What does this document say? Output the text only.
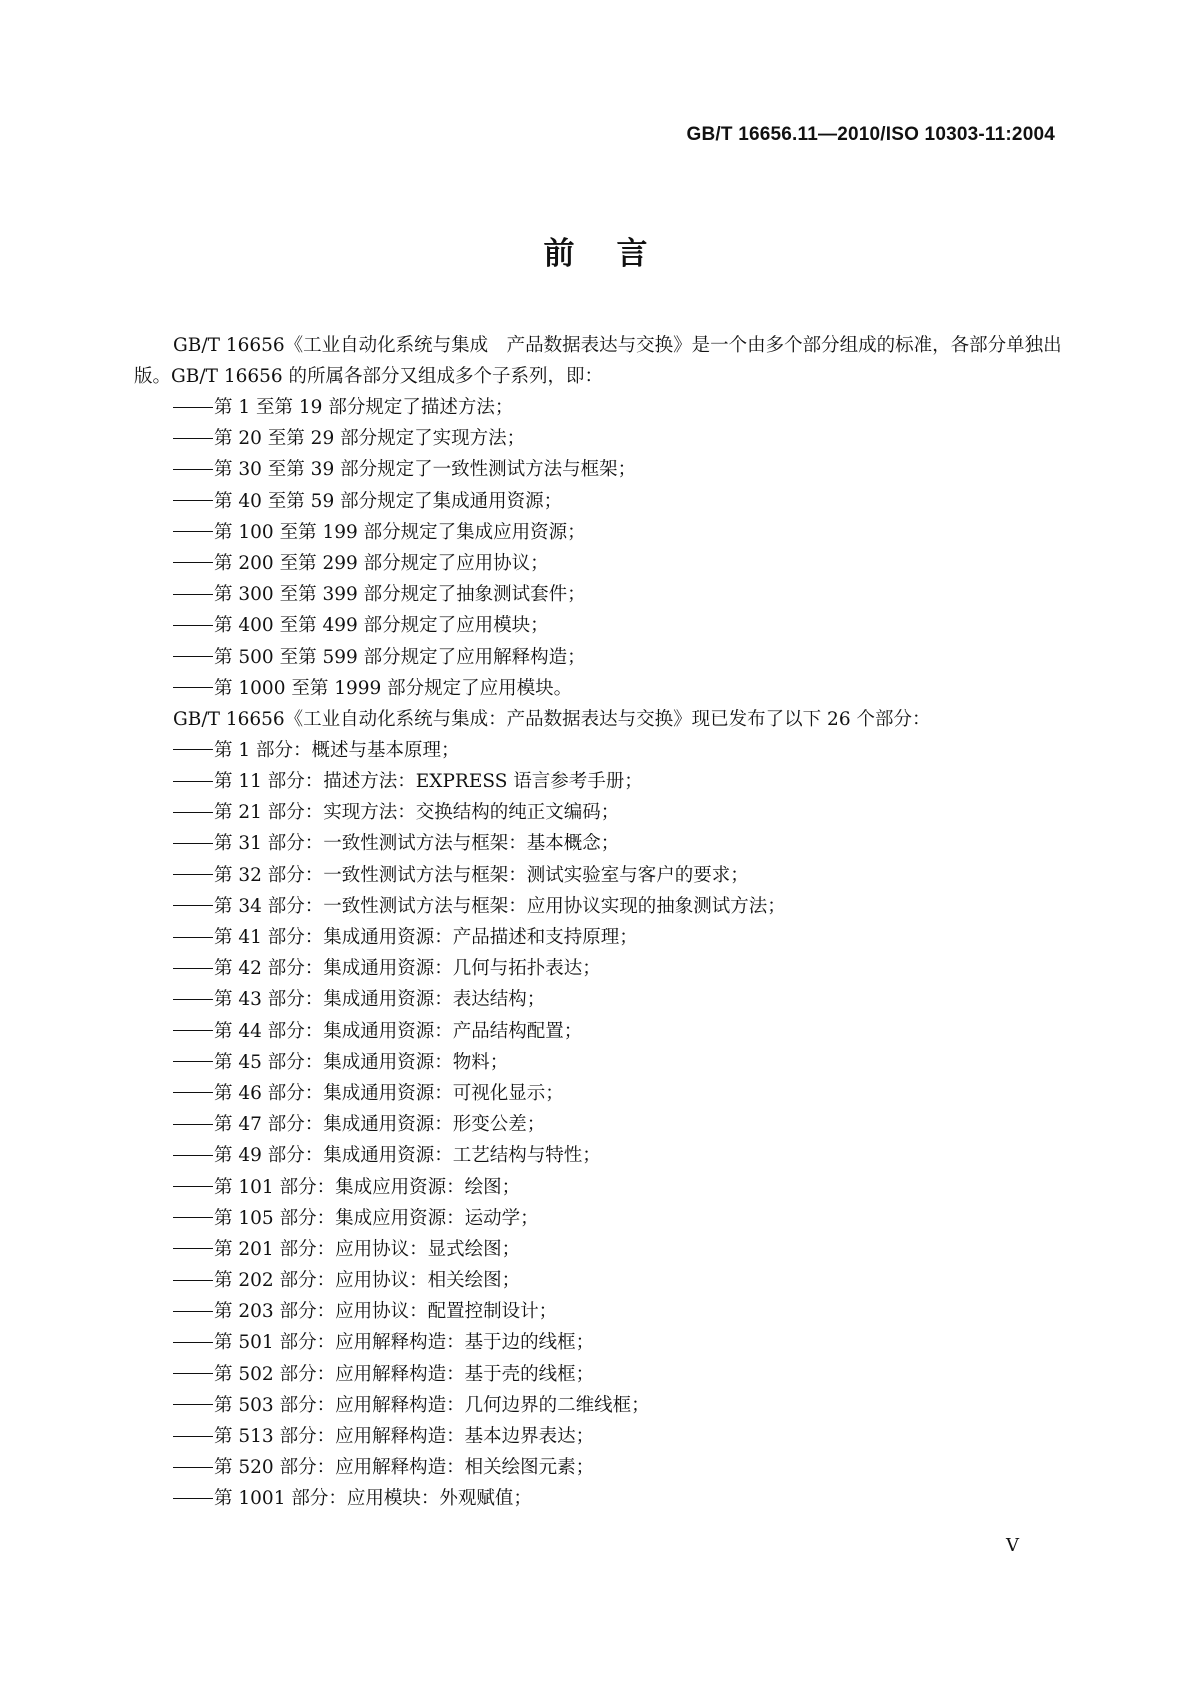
GB/T 16656.11—2010/ISO 10303-11:2004
前言

GB/T 16656《工业自动化系统与集成　产品数据表达与交换》是一个由多个部分组成的标准，各部分单独出版。GB/T 16656 的所属各部分又组成多个子系列，即：

第 1 至第 19 部分规定了描述方法；
第 20 至第 29 部分规定了实现方法；
第 30 至第 39 部分规定了一致性测试方法与框架；
第 40 至第 59 部分规定了集成通用资源；
第 100 至第 199 部分规定了集成应用资源；
第 200 至第 299 部分规定了应用协议；
第 300 至第 399 部分规定了抽象测试套件；
第 400 至第 499 部分规定了应用模块；
第 500 至第 599 部分规定了应用解释构造；
第 1000 至第 1999 部分规定了应用模块。

GB/T 16656《工业自动化系统与集成：产品数据表达与交换》现已发布了以下 26 个部分：

第 1 部分：概述与基本原理；
第 11 部分：描述方法：EXPRESS 语言参考手册；
第 21 部分：实现方法：交换结构的纯正文编码；
第 31 部分：一致性测试方法与框架：基本概念；
第 32 部分：一致性测试方法与框架：测试实验室与客户的要求；
第 34 部分：一致性测试方法与框架：应用协议实现的抽象测试方法；
第 41 部分：集成通用资源：产品描述和支持原理；
第 42 部分：集成通用资源：几何与拓扑表达；
第 43 部分：集成通用资源：表达结构；
第 44 部分：集成通用资源：产品结构配置；
第 45 部分：集成通用资源：物料；
第 46 部分：集成通用资源：可视化显示；
第 47 部分：集成通用资源：形变公差；
第 49 部分：集成通用资源：工艺结构与特性；
第 101 部分：集成应用资源：绘图；
第 105 部分：集成应用资源：运动学；
第 201 部分：应用协议：显式绘图；
第 202 部分：应用协议：相关绘图；
第 203 部分：应用协议：配置控制设计；
第 501 部分：应用解释构造：基于边的线框；
第 502 部分：应用解释构造：基于壳的线框；
第 503 部分：应用解释构造：几何边界的二维线框；
第 513 部分：应用解释构造：基本边界表达；
第 520 部分：应用解释构造：相关绘图元素；
第 1001 部分：应用模块：外观赋值；
V
